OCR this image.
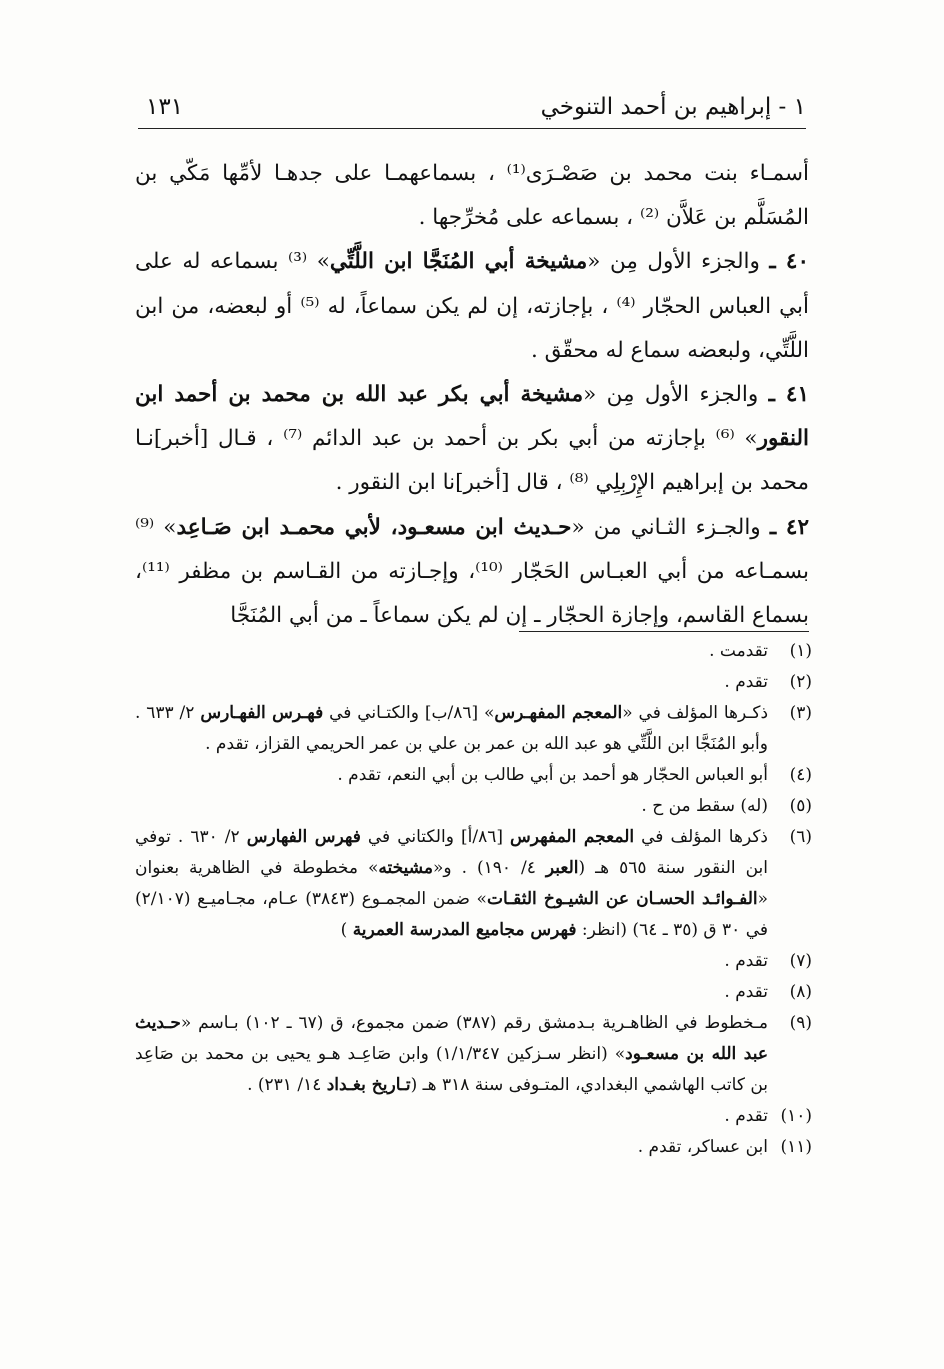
١ - إبراهيم بن أحمد التنوخي
١٣١

أسمـاء بنت محمد بن صَصْـرَى⁽¹⁾ ، بسماعهمـا على جدهـا لأمِّها مَكّي بن المُسَلَّم بن عَلاَّن ⁽²⁾ ، بسماعه على مُخرِّجها .

٤٠ ـ والجزء الأول مِن «مشيخة أبي المُنَجَّا ابن اللَّتِّي» ⁽³⁾ بسماعه له على أبي العباس الحجّار ⁽⁴⁾ ، بإجازته، إن لم يكن سماعاً، له ⁽⁵⁾ أو لبعضه، من ابن اللَّتِّي، ولبعضه سماع له محقّق .

٤١ ـ والجزء الأول مِن «مشيخة أبي بكر عبد الله بن محمد بن أحمد ابن النقور» ⁽⁶⁾ بإجازته من أبي بكر بن أحمد بن عبد الدائم ⁽⁷⁾ ، قـال [أخبر]نـا محمد بن إبراهيم الإِرْبِلِي ⁽⁸⁾ ، قال [أخبر]نا ابن النقور .

٤٢ ـ والجـزء الثـاني من «حـديث ابن مسعـود، لأبي محمـد ابن صَـاعِد» ⁽⁹⁾ بسمـاعه من أبي العبـاس الحَجّار ⁽¹⁰⁾، وإجـازته من القـاسم بن مظفر ⁽¹¹⁾، بسماع القاسم، وإجازة الحجّار ـ إن لم يكن سماعاً ـ من أبي المُنَجَّا

(١)
تقدمت .
(٢)
تقدم .
(٣)
ذكـرها المؤلف في «المعجم المفهـرس» [٨٦/ب] والكتـاني في فهـرس الفهـارس ٢/ ٦٣٣ . وأبو المُنَجَّا ابن اللَّتِّي هو عبد الله بن عمر بن علي بن عمر الحريمي القزاز، تقدم .
(٤)
أبو العباس الحجّار هو أحمد بن أبي طالب بن أبي النعم، تقدم .
(٥)
(له) سقط من ح .
(٦)
ذكرها المؤلف في المعجم المفهرس [٨٦/أ] والكتاني في فهرس الفهارس ٢/ ٦٣٠ . توفي ابن النقور سنة ٥٦٥ هـ (العبر ٤/ ١٩٠) . و«مشيخته» مخطوطة في الظاهرية بعنوان «الفـوائـد الحسـان عن الشيـوخ الثقـات» ضمن المجمـوع (٣٨٤٣) عـام، مجـاميـع (٢/١٠٧) في ٣٠ ق (٣٥ ـ ٦٤) (انظر: فهرس مجاميع المدرسة العمرية )
(٧)
تقدم .
(٨)
تقدم .
(٩)
مـخطوط في الظاهـرية بـدمشق رقم (٣٨٧) ضمن مجموع، ق (٦٧ ـ ١٠٢) بـاسم «حـديث عبد الله بن مسعـود» (انظر سـزكين ١/١/٣٤٧) وابن صَاعِـد هـو يحيى بن محمد بن صَاعِد بن كاتب الهاشمي البغدادي، المتـوفى سنة ٣١٨ هـ (تـاريخ بغـداد ١٤/ ٢٣١) .
(١٠)
تقدم .
(١١)
ابن عساكر، تقدم .
